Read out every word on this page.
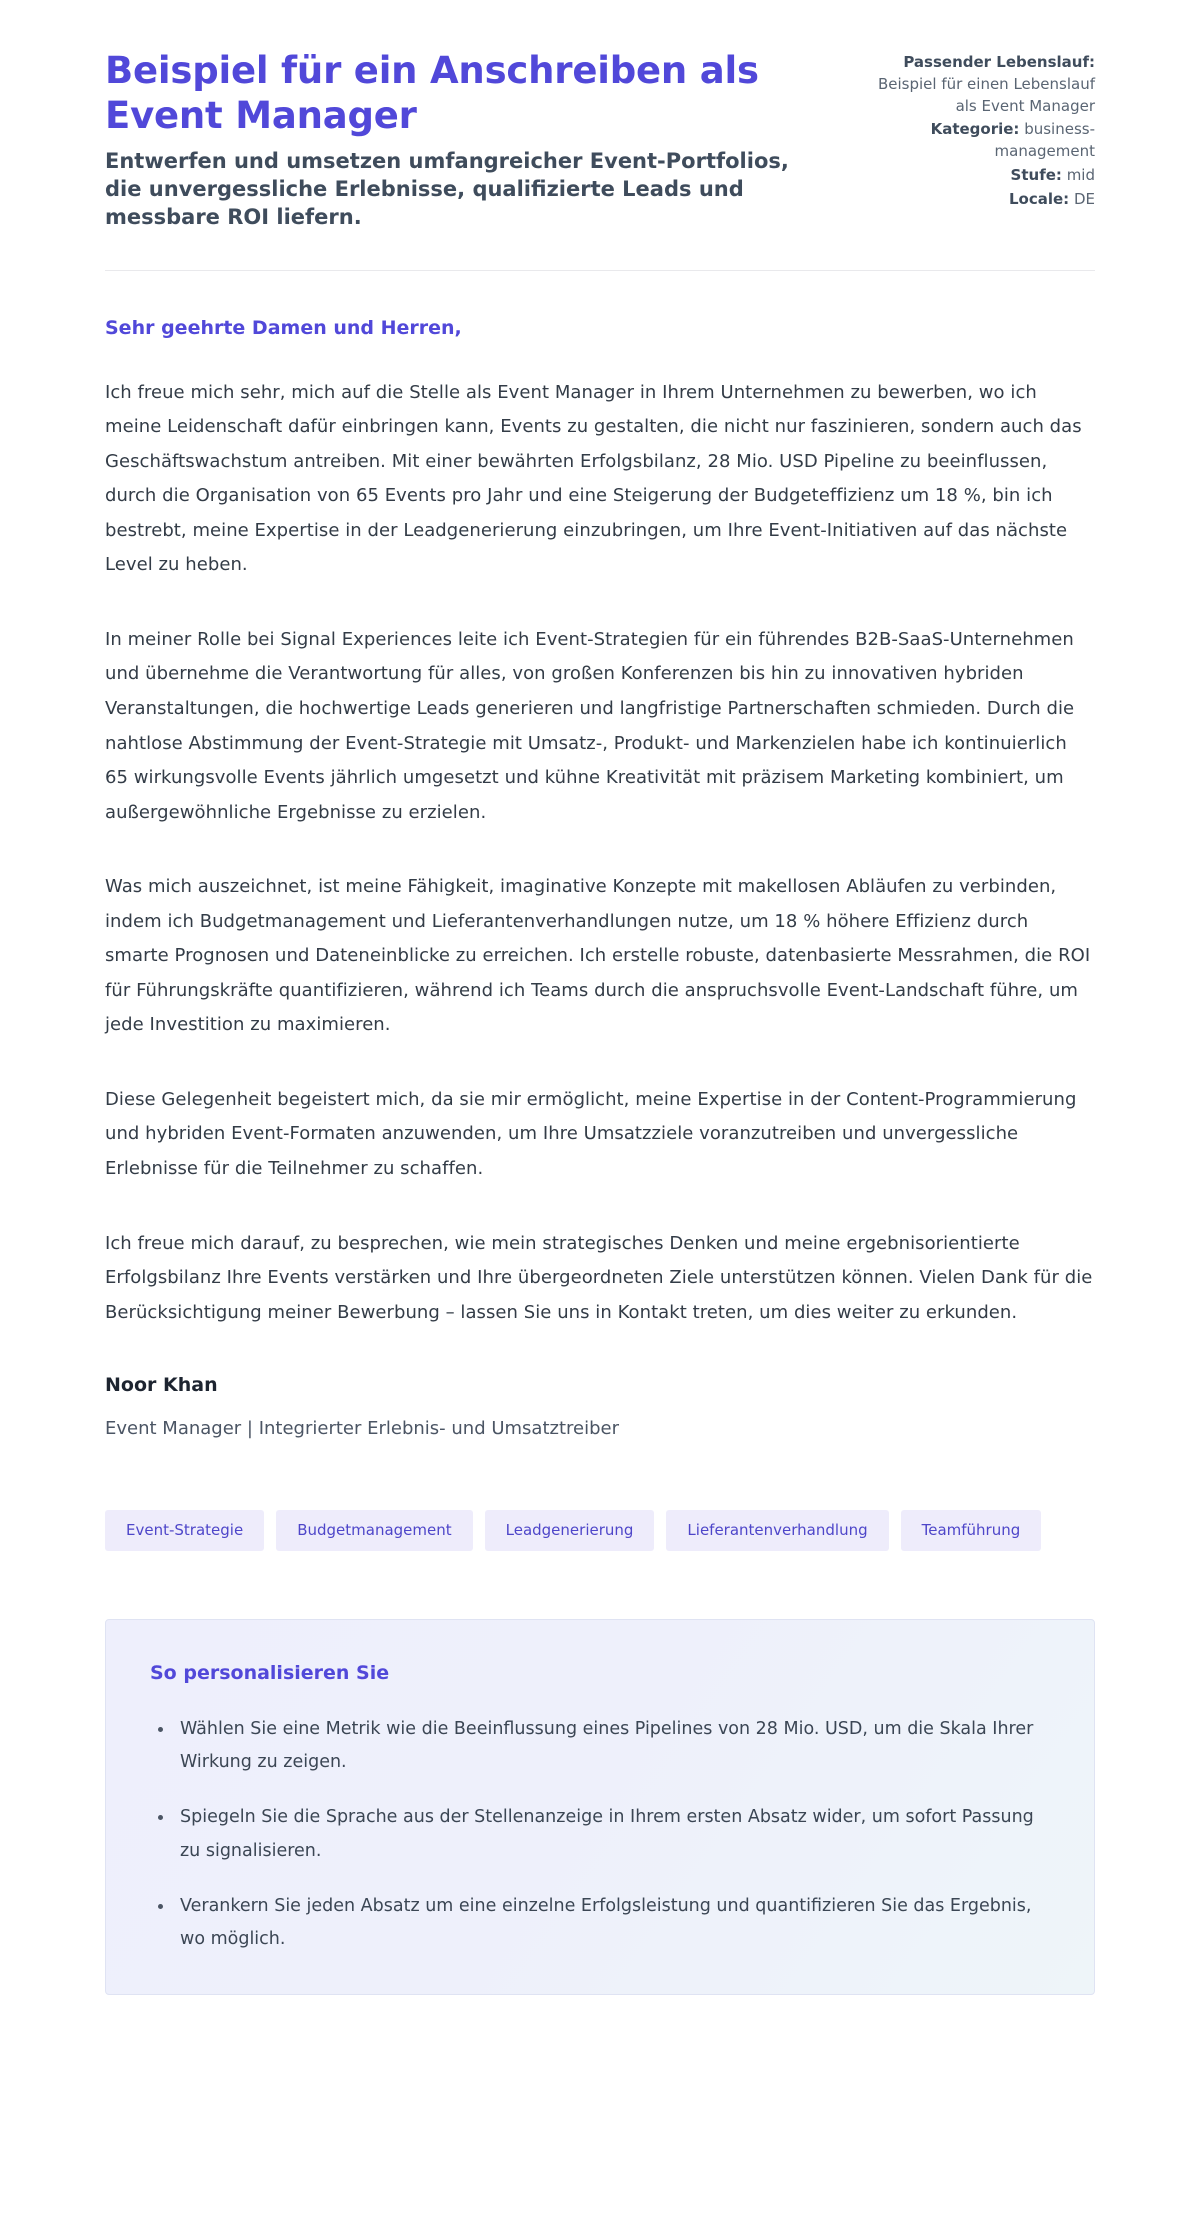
Beispiel für ein Anschreiben als Event Manager

Entwerfen und umsetzen umfangreicher Event-Portfolios, die unvergessliche Erlebnisse, qualifizierte Leads und messbare ROI liefern.

Passender Lebenslauf: Beispiel für einen Lebenslauf als Event Manager
Kategorie: business-management
Stufe: mid
Locale: DE

Sehr geehrte Damen und Herren,

Ich freue mich sehr, mich auf die Stelle als Event Manager in Ihrem Unternehmen zu bewerben, wo ich meine Leidenschaft dafür einbringen kann, Events zu gestalten, die nicht nur faszinieren, sondern auch das Geschäftswachstum antreiben. Mit einer bewährten Erfolgsbilanz, 28 Mio. USD Pipeline zu beeinflussen, durch die Organisation von 65 Events pro Jahr und eine Steigerung der Budgeteffizienz um 18 %, bin ich bestrebt, meine Expertise in der Leadgenerierung einzubringen, um Ihre Event-Initiativen auf das nächste Level zu heben.

In meiner Rolle bei Signal Experiences leite ich Event-Strategien für ein führendes B2B-SaaS-Unternehmen und übernehme die Verantwortung für alles, von großen Konferenzen bis hin zu innovativen hybriden Veranstaltungen, die hochwertige Leads generieren und langfristige Partnerschaften schmieden. Durch die nahtlose Abstimmung der Event-Strategie mit Umsatz-, Produkt- und Markenzielen habe ich kontinuierlich 65 wirkungsvolle Events jährlich umgesetzt und kühne Kreativität mit präzisem Marketing kombiniert, um außergewöhnliche Ergebnisse zu erzielen.

Was mich auszeichnet, ist meine Fähigkeit, imaginative Konzepte mit makellosen Abläufen zu verbinden, indem ich Budgetmanagement und Lieferantenverhandlungen nutze, um 18 % höhere Effizienz durch smarte Prognosen und Dateneinblicke zu erreichen. Ich erstelle robuste, datenbasierte Messrahmen, die ROI für Führungskräfte quantifizieren, während ich Teams durch die anspruchsvolle Event-Landschaft führe, um jede Investition zu maximieren.

Diese Gelegenheit begeistert mich, da sie mir ermöglicht, meine Expertise in der Content-Programmierung und hybriden Event-Formaten anzuwenden, um Ihre Umsatzziele voranzutreiben und unvergessliche Erlebnisse für die Teilnehmer zu schaffen.

Ich freue mich darauf, zu besprechen, wie mein strategisches Denken und meine ergebnisorientierte Erfolgsbilanz Ihre Events verstärken und Ihre übergeordneten Ziele unterstützen können. Vielen Dank für die Berücksichtigung meiner Bewerbung – lassen Sie uns in Kontakt treten, um dies weiter zu erkunden.

Noor Khan

Event Manager | Integrierter Erlebnis- und Umsatztreiber

Event-Strategie	Budgetmanagement	Leadgenerierung	Lieferantenverhandlung	Teamführung

So personalisieren Sie

Wählen Sie eine Metrik wie die Beeinflussung eines Pipelines von 28 Mio. USD, um die Skala Ihrer Wirkung zu zeigen.
Spiegeln Sie die Sprache aus der Stellenanzeige in Ihrem ersten Absatz wider, um sofort Passung zu signalisieren.
Verankern Sie jeden Absatz um eine einzelne Erfolgsleistung und quantifizieren Sie das Ergebnis, wo möglich.
